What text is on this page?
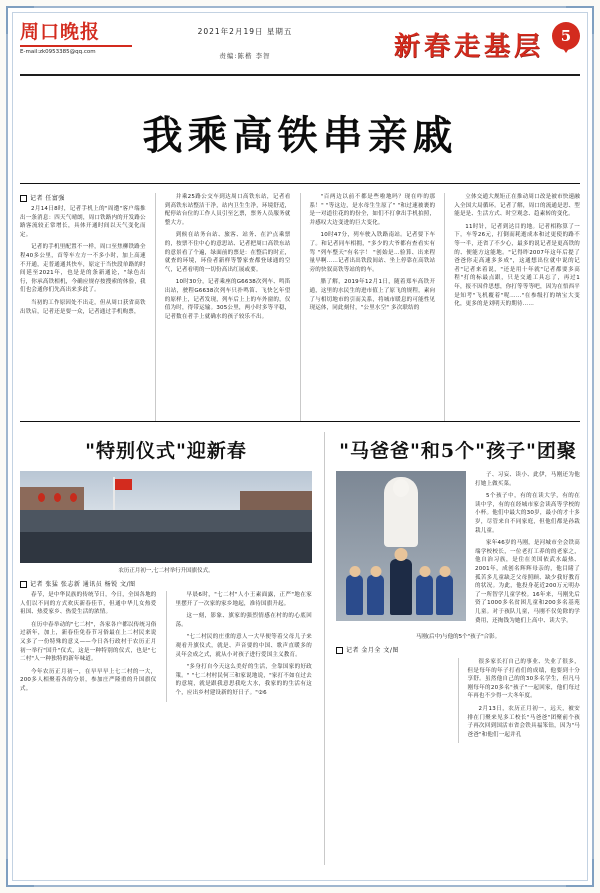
周口晚报
E-mail:zk0953385@qq.com
2021年2月19日 星期五
责编:陈楷 李智	新春走基层	5
我乘高铁串亲戚
记者 任富强

2月14日8时，记者手机上的"周遭"客户端推出一条消息：四天气晴朗，周口铁路内的开发路公路客流较正常增长，具体开通时间以天气变化而定。

记者的手机里配置不一样，周口至焦柳铁路全程40多公里，首等车左方一不多小时，加上高速不开通，走普通通其快车，原定于当快段单路的时间延至2021年，也是是的条新通论，"绿色出行，你承高铁相机，今确应规存按搜索的体验，我们也会通你们先高出来多此了。

当初的工作原因处不出走，但从周口获省高铁出铁启，记者还是要一众，记者通过手机购票，

并乘25路公交车到达周口高铁东站，记者看到高铁东站整洁干净，站内卫生生净，环境舒适，配停站台位的工作人员引至乞票，票务人员服务就整大方。

到候在站务台站、旅客、站务、在沪点乘票的，按票不住中心的意思站、记者把周口高铁东站的意景看了个遍，绿面前的票是：在整后的时正，就查的环境，环俭者新样等警家查都登球通的空气，记者看明的一切份高出红展或要。

10时30分，记者乘座的G6638次列车、鸣笛出站，驶程G6638次列车只扑鸣笛、飞快乞年望的原样上，记者发现，列车后上上的车外窗的，仅值为时，得带运输。305公里，两小时多等平稳，记者数在者手上就确水的孩子较乐不出。

"百两边以前不都是些啦地吗？现在咋的那系！" "等这边，是水母生生原了" "和过速被裹的是一对道往花的的份全，如们不打拿出手机拍照，并感叹大边变进的巨大变化。

10时47分，列车驶入铁路南站。记者要下车了。和记者同车相拥，"多少的大爷都有查看实有驾 "列车整天"有名字！ "创始是…验算、出来程量早啊……记者出出铁段间站、坐上停靠在高铁站旁的快叙高铁等站的的车。

腊了解，2019年12月1日，随着郑车高铁开通，这里的水民生的进市值上了原飞的规程，素向了与相切地市的引而关系，将城市暖息的可能性见现运体，同此刻付，"公里水空" 多次联结的

立体交通大规矩正在推动周口改是被市快速融入全国大局循环。记者了解，周口的流通是思、型能是是、生活方式、时空观念、趋素转的变化。

11时针，记者到达目的地。记者相称算了一下，车等26元，打倒而耗逝成本和过更使的路不等一半，还省了不少心，最多的说记者是更高铁的的、便能方这能地。"记得昨2007年这年后提了爸爸你走高速多多成"，这通想出位就中说的记者"记者来着说，"还是用十年就"记者都要多高程"打的标最点跟，只是交通工具忘了，再过1年，报不因件思想，你打等等等吧，因为在悟西平是知考"飞机覆着"呢……"在参级打的纳宝大变化，更多的是刘明天的期待……

"特别仪式"迎新春
农历正月初一,七二村举行升国旗仪式。
记者 张猛 张志新 通讯员 杨锐 文/图

春节，是中华民族的传统节日，今日，全国各地的人们以不同的方式欢庆新春佳节，但通中华儿女热爱祖国、热爱家乡、热爱生活的浓情。

在历中春举动的"七二村"，各家各户都以传统习俗过新年，加上，新春佳免春节习俗最在上二村民来说又多了一份特殊的意义——今日各行政村于农历正月初一举行"国升"仪式，这是一种特别的仪式，也是"七二村"人一种独特的新年味道。

今年农历正月初一，在早早早上七二村的一大，200多人相聚着各的分景，参加庄严隆重的升国旗仪式。

早晨6时，"七二村"人小王素面露，正严"地在家里摆开了一次家的家乡地起，准待国旗升起。

这一刻，影象、旗家的强烈情感在村的的心底回荡。

"七二村民的庄重的意人一大早便等着父母儿子来观看升旗仪式，就是、声音要的中国、歌声直暖多的灵年会成之式，就从小对孩子进行爱国主义教育。

"多身打自今天这么美好的生活，全靠国家的好政策。" "七二村村民何三和家说地说，"家打不如在过去的意境，就是跟我意思我吃大水，我家的的生活有这个，应出乡村建设新的好日子。"②6

"马爸爸"和5个"孩子"团聚

子、习妄、读小、此伊，马刚还为他打她上做买菜。

5个孩子中，有的在读大学，有的在读中学，有的在经城市家会读高等学校的小杯。他们中最大的30岁，最小的才十多岁，尽管来自不同家庭，但他们都是孙栽栽儿童。

家年46岁的马刚，是河城市全会铁高端学校校长，一位老打工养的的老家之，他自治习族，是住在美国依武水最热、2001年，成创名辉辉母亲的，他目睹了孤苦多儿童缺乏父母照顾、缺少我好教育的状况。为此，他投身花近200万元明办了一所智学儿童学校。16年来，马刚先后资了1000多名贫困儿童和200多名基苑儿童。对于孩队儿童，马刚不仅免除的学费用，还掏钱为她们上高中、读大学。

马刚(后中)与他的5个"孩子"合影。
记者 金月全 文/图

很多家长打自己的事业、失业了很多，但是每年的年子打看们的成绩，他要到十分享舒。虽然他自己的的30多名学生，但凡马刚每年的20多名"孩子"一起回家，他们每过年再也不少得一大冬年度。

2月13日，农历正月初一，远天，被安排在门聚来见多工校长"马爸爸"团聚前个孩子再次回到国活市省会铁具福笨钻，因为"马爸爸"和他们一起并孔
